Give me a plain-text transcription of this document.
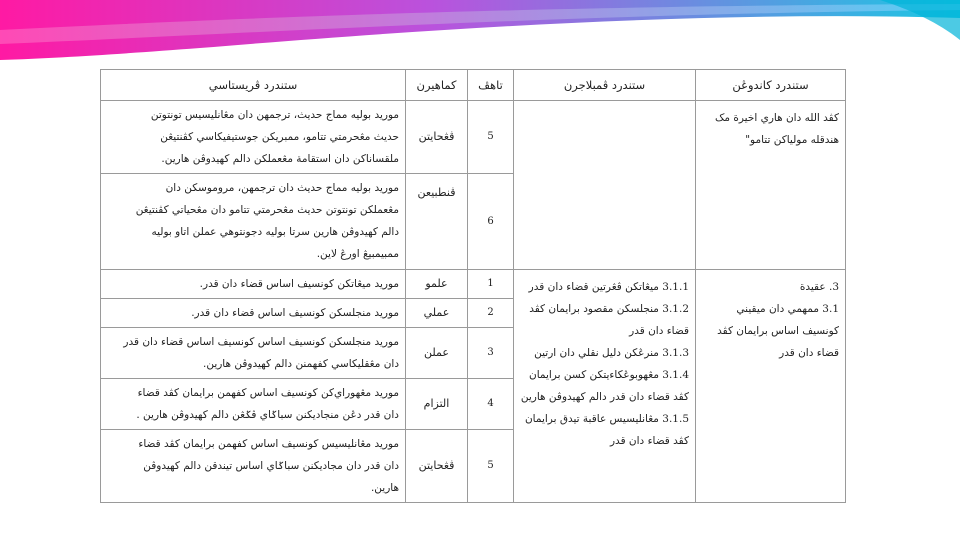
ستندرد كاندوڠن	ستندرد ڤمبلاجرن	تاهڤ	كماهيرن	ستندرد ڤريستاسي
كڤد الله دان هاري اخيرة مک هندقله مولياكن تتامو"		5	ڤڠحايتن	موريد بوليه مماج حديث، ترجمهن دان مڠانليسيس تونتوتن
حديث مڠحرمتي تتامو، ممبريكن جوستيفيكاسي كڤنتيڠن
ملقساناكن دان استقامة مڠعملكن دالم كهيدوڤن هارين.

		6	ڤنطبيعن	موريد بوليه مماج حديث دان ترجمهن، مروموسكن دان
مڠعملكن تونتوتن حديث مڠحرمتي تتامو دان مڠحياتي كڤنتيڠن
دالم كهيدوڤن هارين سرتا بوليه دجونتوهي عملن اتاو بوليه
ممبيمبيڠ اورڠ لاين.

3. عقيدة
3.1 ممهمي دان ميقيني كونسيف اساس برايمان كڤد قضاء دان قدر	3.1.1 ميڠاتكن ڤڠرتين قضاء دان قدر
3.1.2 منجلسكن مقصود برايمان كڤد قضاء دان قدر
3.1.3 منرڠكن دليل نقلي دان ارتين
3.1.4 مڠهوبوڠكاءيتكن كسن برايمان كڤد قضاء دان قدر دالم كهيدوڤن هارين
3.1.5 مڠانليسيس عاقبة تيدق برايمان كڤد قضاء دان قدر	1	علمو	موريد ميڠاتكن كونسيف اساس قضاء دان قدر.

		2	عملي	موريد منجلسكن كونسيف اساس قضاء دان قدر.

		3	عملن	موريد منجلسكن كونسيف اساس كونسيف اساس قضاء دان قدر
دان مڠقليكاسي كفهمنن دالم كهيدوڤن هارين.

		4	التزام	موريد مڠهوراي‌كن كونسيف اساس كفهمن برايمان كڤد قضاء
دان قدر دڠن منجاديكنن سباݢاي ڤݢڠن دالم كهيدوڤن هارين .

		5	ڤڠحايتن	موريد مڠانليسيس كونسيف اساس كفهمن برايمان كڤد قضاء
دان قدر دان مجاديكنن سباݢاي اساس تيندقن دالم كهيدوڤن
هارين.
